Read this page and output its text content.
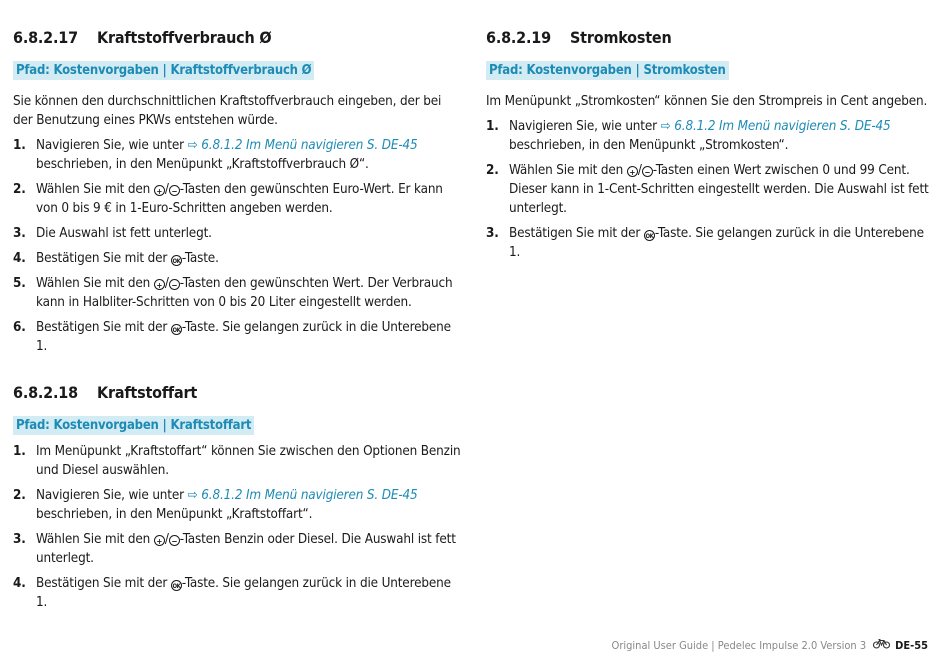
6.8.2.17	Kraftstoffverbrauch Ø
Pfad: Kostenvorgaben | Kraftstoffverbrauch Ø

Sie können den durchschnittlichen Kraftstoffverbrauch eingeben, der bei der Benutzung eines PKWs entstehen würde.

1. Navigieren Sie, wie unter ⇨ 6.8.1.2 Im Menü navigieren S. DE-45
beschrieben, in den Menüpunkt „Kraftstoffverbrauch Ø“.
2. Wählen Sie mit den + / − -Tasten den gewünschten Euro-Wert. Er kann von 0 bis 9 € in 1-Euro-Schritten angeben werden.
3. Die Auswahl ist fett unterlegt.
4. Bestätigen Sie mit der OK -Taste.
5. Wählen Sie mit den + / − -Tasten den gewünschten Wert. Der Verbrauch kann in Halbliter-Schritten von 0 bis 20 Liter eingestellt werden.
6. Bestätigen Sie mit der OK -Taste. Sie gelangen zurück in die Unterebene 1.
6.8.2.18	Kraftstoffart
Pfad: Kostenvorgaben | Kraftstoffart
1. Im Menüpunkt „Kraftstoffart“ können Sie zwischen den Optionen Benzin und Diesel auswählen.
2. Navigieren Sie, wie unter ⇨ 6.8.1.2 Im Menü navigieren S. DE-45
beschrieben, in den Menüpunkt „Kraftstoffart“.
3. Wählen Sie mit den + / − -Tasten Benzin oder Diesel. Die Auswahl ist fett unterlegt.
4. Bestätigen Sie mit der OK -Taste. Sie gelangen zurück in die Unterebene 1.
6.8.2.19	Stromkosten
Pfad: Kostenvorgaben | Stromkosten

Im Menüpunkt „Stromkosten“ können Sie den Strompreis in Cent angeben.

1. Navigieren Sie, wie unter ⇨ 6.8.1.2 Im Menü navigieren S. DE-45
beschrieben, in den Menüpunkt „Stromkosten“.
2. Wählen Sie mit den + / − -Tasten einen Wert zwischen 0 und 99 Cent. Dieser kann in 1-Cent-Schritten eingestellt werden. Die Auswahl ist fett unterlegt.
3. Bestätigen Sie mit der OK -Taste. Sie gelangen zurück in die Unterebene 1.
Original User Guide | Pedelec Impulse 2.0 Version 3	DE-55
